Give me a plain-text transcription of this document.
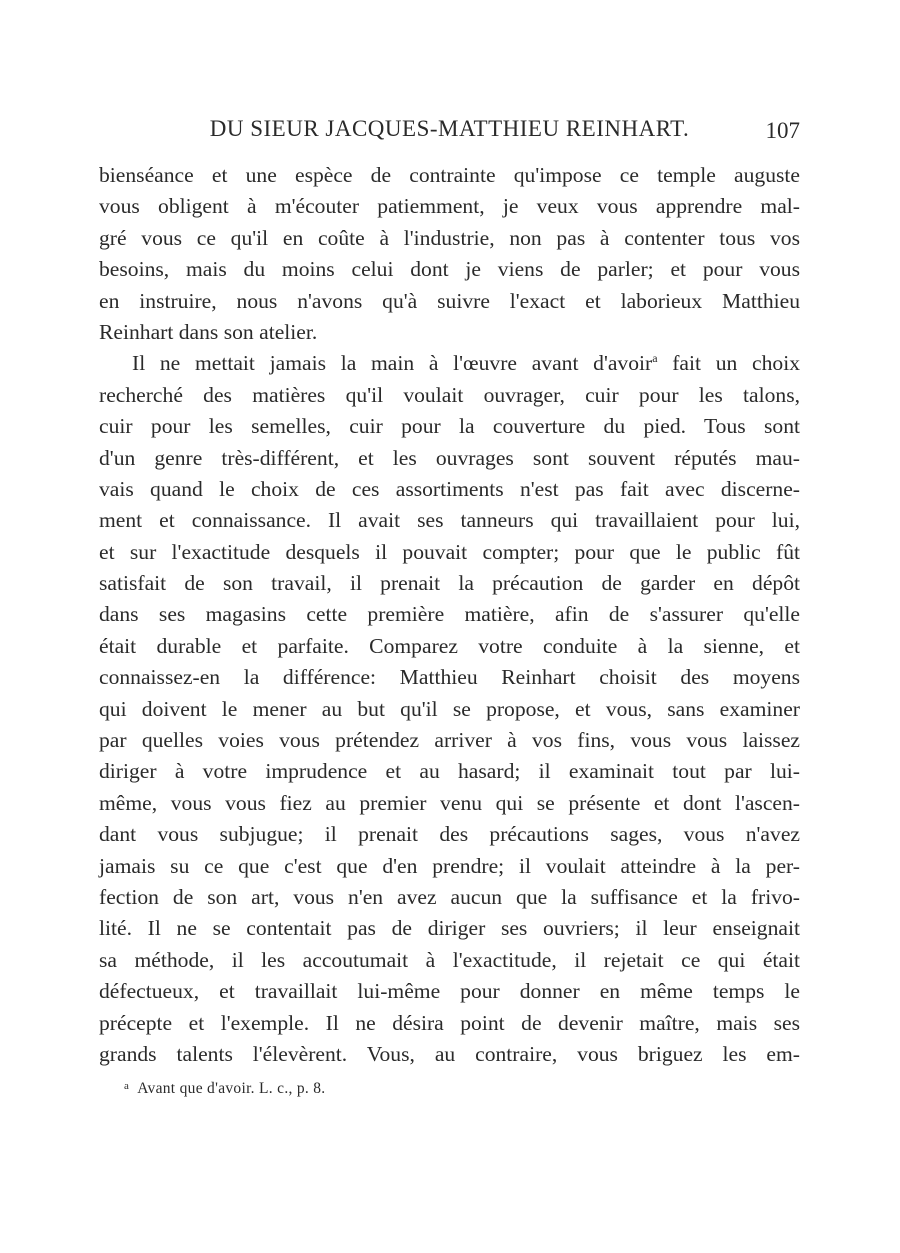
DU SIEUR JACQUES-MATTHIEU REINHART.	107
bienséance et une espèce de contrainte qu'impose ce temple auguste
vous obligent à m'écouter patiemment, je veux vous apprendre mal-
gré vous ce qu'il en coûte à l'industrie, non pas à contenter tous vos
besoins, mais du moins celui dont je viens de parler; et pour vous
en instruire, nous n'avons qu'à suivre l'exact et laborieux Matthieu
Reinhart dans son atelier.
Il ne mettait jamais la main à l'œuvre avant d'avoir$^a$ fait un choix
recherché des matières qu'il voulait ouvrager, cuir pour les talons,
cuir pour les semelles, cuir pour la couverture du pied. Tous sont
d'un genre très-différent, et les ouvrages sont souvent réputés mau-
vais quand le choix de ces assortiments n'est pas fait avec discerne-
ment et connaissance. Il avait ses tanneurs qui travaillaient pour lui,
et sur l'exactitude desquels il pouvait compter; pour que le public fût
satisfait de son travail, il prenait la précaution de garder en dépôt
dans ses magasins cette première matière, afin de s'assurer qu'elle
était durable et parfaite. Comparez votre conduite à la sienne, et
connaissez-en la différence: Matthieu Reinhart choisit des moyens
qui doivent le mener au but qu'il se propose, et vous, sans examiner
par quelles voies vous prétendez arriver à vos fins, vous vous laissez
diriger à votre imprudence et au hasard; il examinait tout par lui-
même, vous vous fiez au premier venu qui se présente et dont l'ascen-
dant vous subjugue; il prenait des précautions sages, vous n'avez
jamais su ce que c'est que d'en prendre; il voulait atteindre à la per-
fection de son art, vous n'en avez aucun que la suffisance et la frivo-
lité. Il ne se contentait pas de diriger ses ouvriers; il leur enseignait
sa méthode, il les accoutumait à l'exactitude, il rejetait ce qui était
défectueux, et travaillait lui-même pour donner en même temps le
précepte et l'exemple. Il ne désira point de devenir maître, mais ses
grands talents l'élevèrent. Vous, au contraire, vous briguez les em-
$^a$ Avant que d'avoir. L. c., p. 8.
